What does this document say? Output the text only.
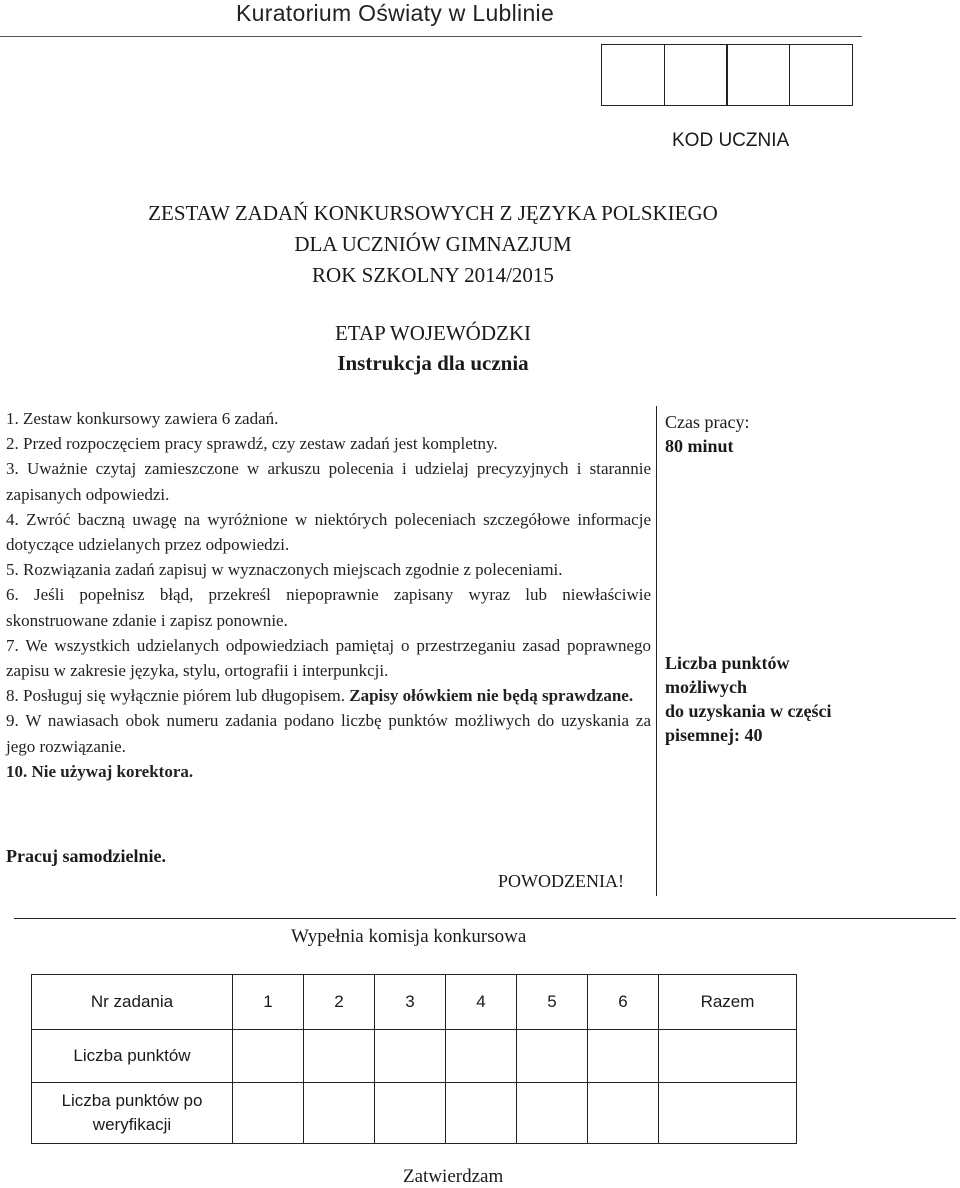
Kuratorium Oświaty w Lublinie
KOD UCZNIA
ZESTAW ZADAŃ KONKURSOWYCH Z JĘZYKA POLSKIEGO
DLA UCZNIÓW GIMNAZJUM
ROK SZKOLNY 2014/2015
ETAP WOJEWÓDZKI
Instrukcja dla ucznia

1. Zestaw konkursowy zawiera 6 zadań.

2. Przed rozpoczęciem pracy sprawdź, czy zestaw zadań jest kompletny.

3. Uważnie czytaj zamieszczone w arkuszu polecenia i udzielaj precyzyjnych i starannie zapisanych odpowiedzi.

4. Zwróć baczną uwagę na wyróżnione w niektórych poleceniach szczegółowe informacje dotyczące udzielanych przez odpowiedzi.

5. Rozwiązania zadań zapisuj w wyznaczonych miejscach zgodnie z poleceniami.

6. Jeśli popełnisz błąd, przekreśl niepoprawnie zapisany wyraz lub niewłaściwie skonstruowane zdanie i zapisz ponownie.

7. We wszystkich udzielanych odpowiedziach pamiętaj o przestrzeganiu zasad poprawnego zapisu w zakresie języka, stylu, ortografii i interpunkcji.

8. Posługuj się wyłącznie piórem lub długopisem. Zapisy ołówkiem nie będą sprawdzane.

9. W nawiasach obok numeru zadania podano liczbę punktów możliwych do uzyskania za jego rozwiązanie.

10. Nie używaj korektora.

Czas pracy:
80 minut
Liczba punktów
możliwych
do uzyskania w części
pisemnej: 40
Pracuj samodzielnie.
POWODZENIA!
Wypełnia komisja konkursowa
Nr zadania	1	2	3	4	5	6	Razem
Liczba punktów							
Liczba punktów po weryfikacji							
Zatwierdzam
